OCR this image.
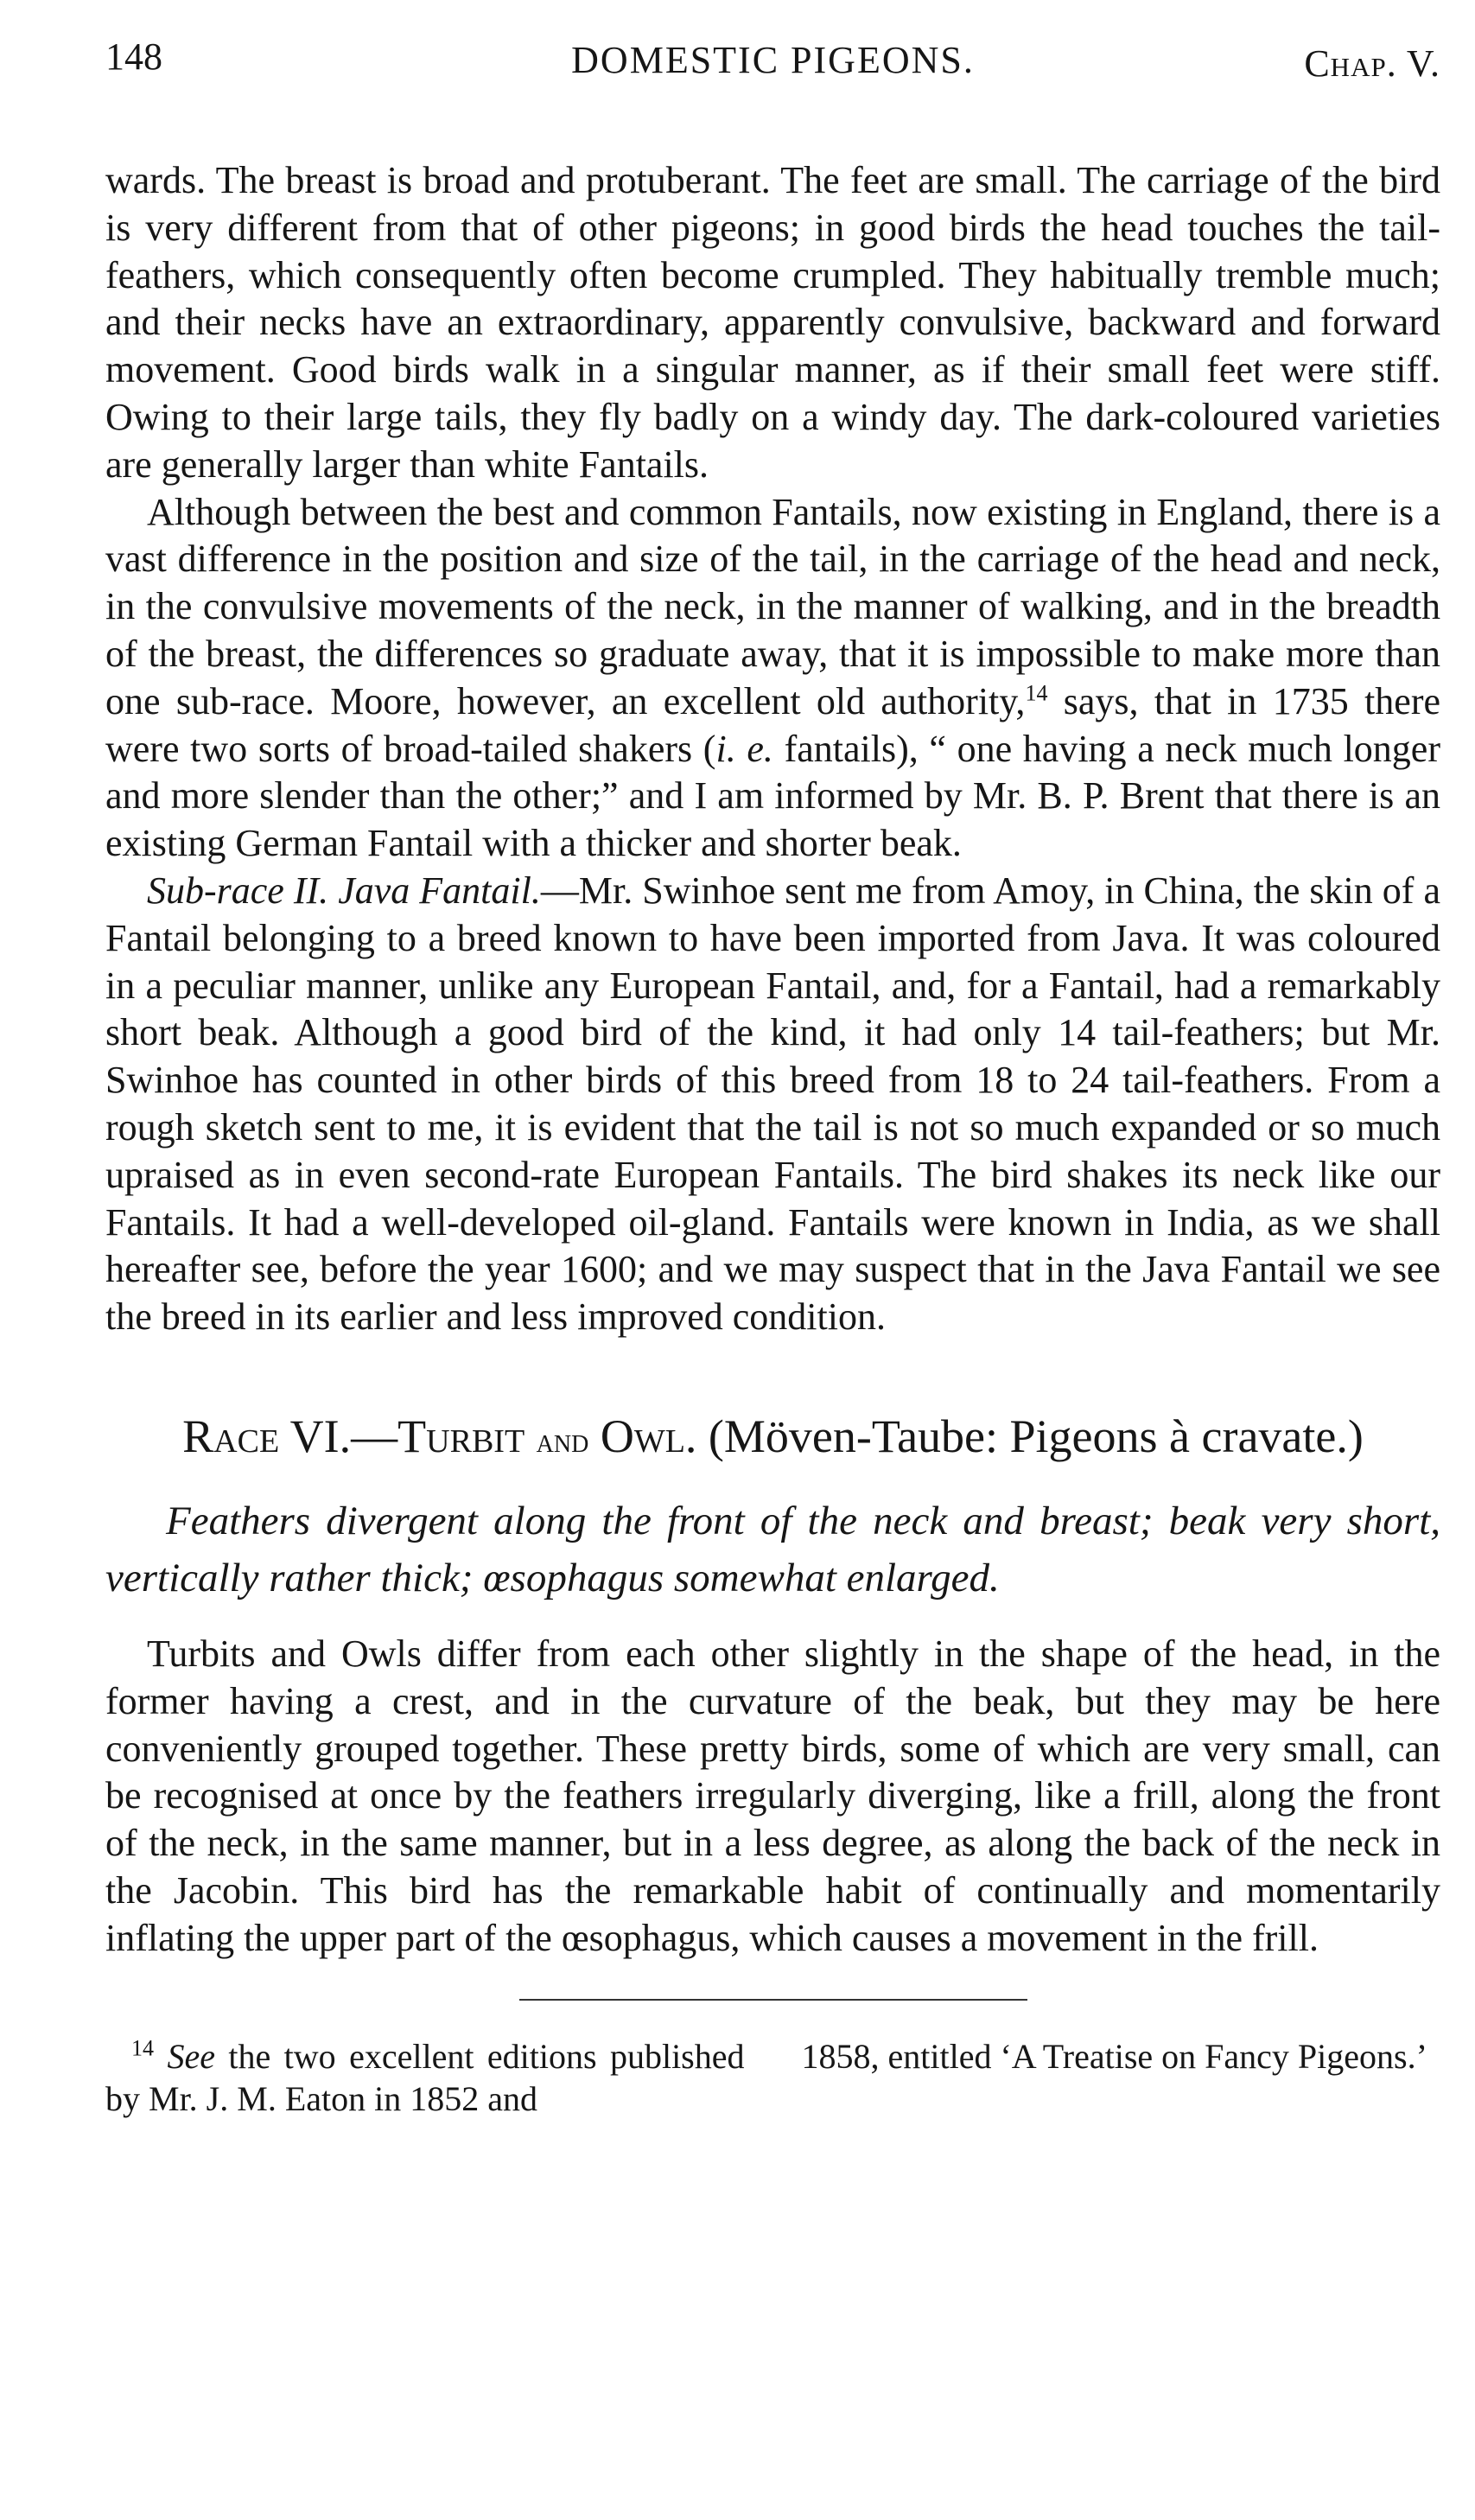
148	DOMESTIC PIGEONS.	Chap. V.

wards. The breast is broad and protuberant. The feet are small. The carriage of the bird is very different from that of other pigeons; in good birds the head touches the tail-feathers, which consequently often become crumpled. They habitually tremble much; and their necks have an extraordinary, apparently convulsive, backward and forward movement. Good birds walk in a singular manner, as if their small feet were stiff. Owing to their large tails, they fly badly on a windy day. The dark-coloured varieties are generally larger than white Fantails.

Although between the best and common Fantails, now existing in England, there is a vast difference in the position and size of the tail, in the carriage of the head and neck, in the convulsive movements of the neck, in the manner of walking, and in the breadth of the breast, the differences so graduate away, that it is impossible to make more than one sub-race. Moore, however, an excellent old authority,$^{14}$ says, that in 1735 there were two sorts of broad-tailed shakers (i. e. fantails), “ one having a neck much longer and more slender than the other;” and I am informed by Mr. B. P. Brent that there is an existing German Fantail with a thicker and shorter beak.

Sub-race II. Java Fantail.—Mr. Swinhoe sent me from Amoy, in China, the skin of a Fantail belonging to a breed known to have been imported from Java. It was coloured in a peculiar manner, unlike any European Fantail, and, for a Fantail, had a remarkably short beak. Although a good bird of the kind, it had only 14 tail-feathers; but Mr. Swinhoe has counted in other birds of this breed from 18 to 24 tail-feathers. From a rough sketch sent to me, it is evident that the tail is not so much expanded or so much upraised as in even second-rate European Fantails. The bird shakes its neck like our Fantails. It had a well-developed oil-gland. Fantails were known in India, as we shall hereafter see, before the year 1600; and we may suspect that in the Java Fantail we see the breed in its earlier and less improved condition.

Race VI.—Turbit and Owl. (Möven-Taube: Pigeons à cravate.)
Feathers divergent along the front of the neck and breast; beak very short, vertically rather thick; œsophagus somewhat enlarged.

Turbits and Owls differ from each other slightly in the shape of the head, in the former having a crest, and in the curvature of the beak, but they may be here conveniently grouped together. These pretty birds, some of which are very small, can be recognised at once by the feathers irregularly diverging, like a frill, along the front of the neck, in the same manner, but in a less degree, as along the back of the neck in the Jacobin. This bird has the remarkable habit of continually and momentarily inflating the upper part of the œsophagus, which causes a movement in the frill.

$^{14}$ See the two excellent editions published by Mr. J. M. Eaton in 1852 and
1858, entitled ‘A Treatise on Fancy Pigeons.’
